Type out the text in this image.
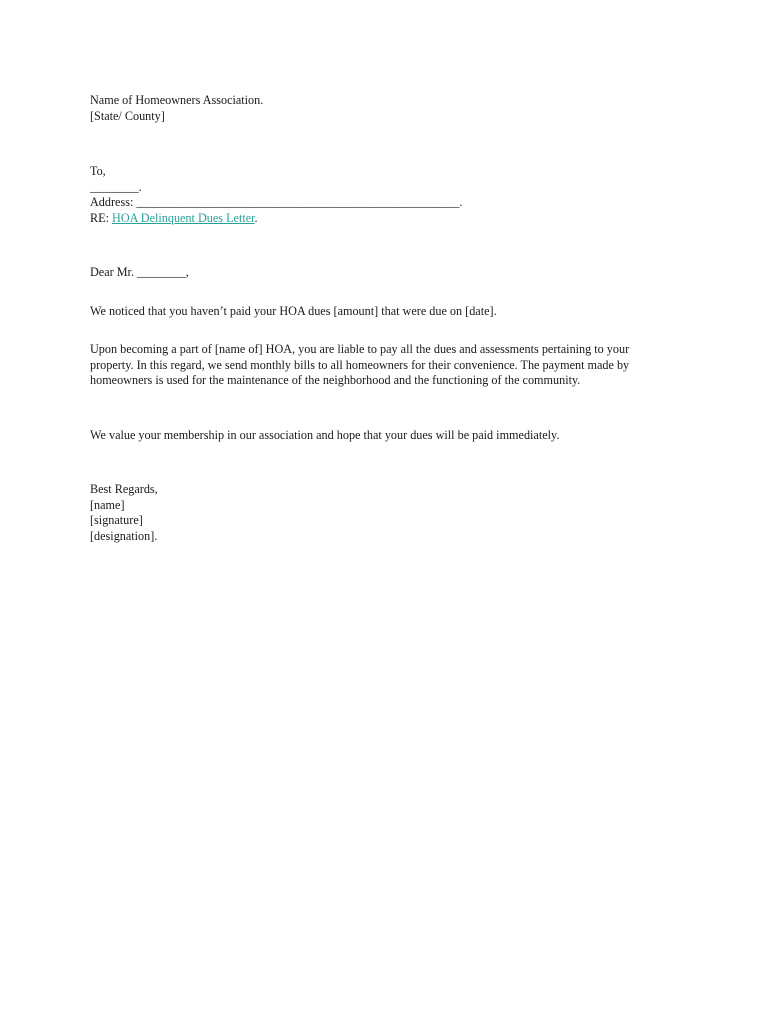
Name of Homeowners Association.
[State/ County]
To,
________.
Address: _____________________________________________________.
RE: HOA Delinquent Dues Letter.
Dear Mr. ________,
We noticed that you haven’t paid your HOA dues [amount] that were due on [date].
Upon becoming a part of [name of] HOA, you are liable to pay all the dues and assessments pertaining to your property. In this regard, we send monthly bills to all homeowners for their convenience. The payment made by homeowners is used for the maintenance of the neighborhood and the functioning of the community.
We value your membership in our association and hope that your dues will be paid immediately.
Best Regards,
[name]
[signature]
[designation].
